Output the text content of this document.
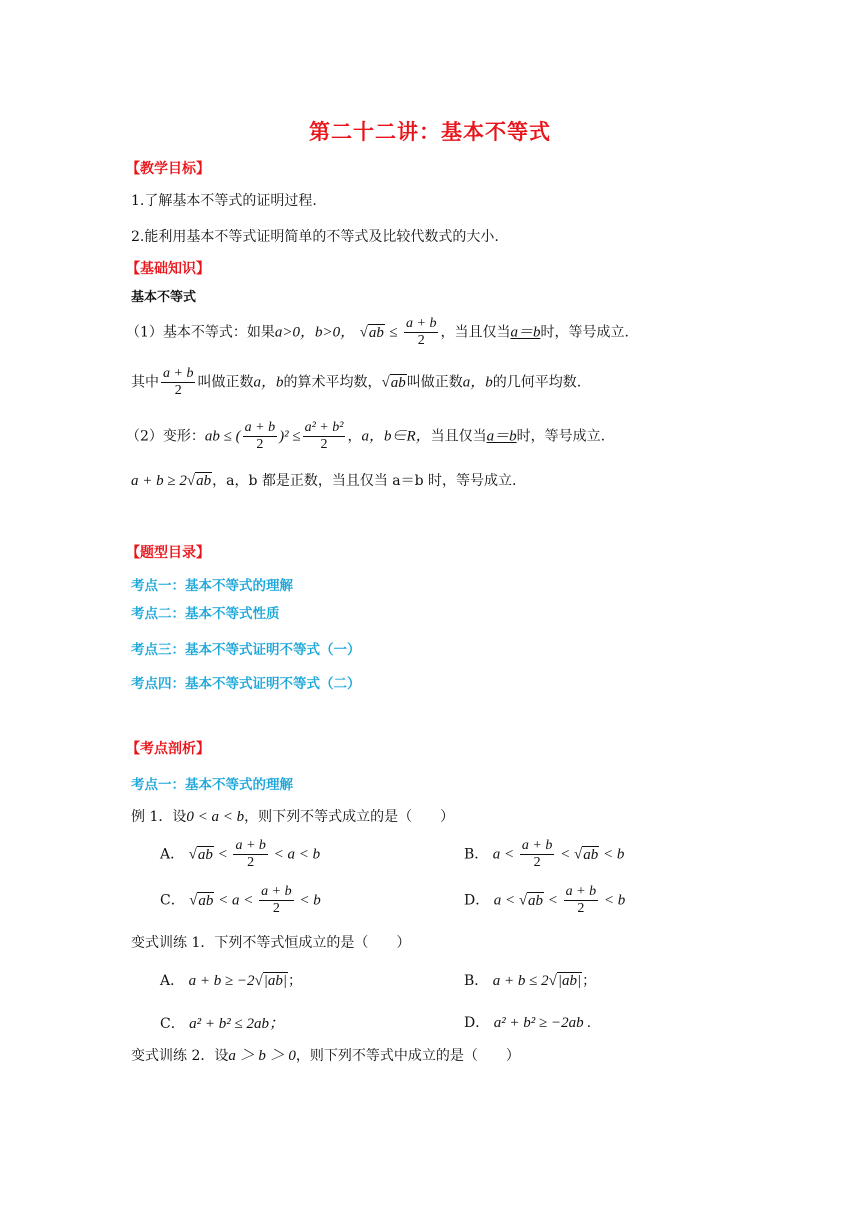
第二十二讲：基本不等式
【教学目标】
1.了解基本不等式的证明过程.
2.能利用基本不等式证明简单的不等式及比较代数式的大小.
【基础知识】
基本不等式
（1）基本不等式：如果a>0，b>0， $√ab \le \frac{a + b}{2}$ ，当且仅当a＝b时，等号成立.
其中 $\frac{a + b}{2}$ 叫做正数a，b的算术平均数，√ab叫做正数a，b的几何平均数.
（2）变形：ab ≤ ( $\frac{a + b}{2} )^2 \le \frac{\text{a² + b²}}{2}$ ，a，b∈R，当且仅当a＝b时，等号成立.
a + b ≥ 2√ab，a，b 都是正数，当且仅当 a＝b 时，等号成立.
【题型目录】
考点一：基本不等式的理解
考点二：基本不等式性质
考点三：基本不等式证明不等式（一）
考点四：基本不等式证明不等式（二）
【考点剖析】
考点一：基本不等式的理解
例 1．设0 < a < b，则下列不等式成立的是（　　）
A． $√ab < \frac{a + b}{2} < a < b$	B． $a < \frac{a + b}{2} < √ab < b$
C． $√ab < a < \frac{a + b}{2} < b$	D． $a < √ab < \frac{a + b}{2} < b$
变式训练 1．下列不等式恒成立的是（　　）
A． a + b ≥ −2√|ab|；	B． a + b ≤ 2√|ab|；
C． a² + b² ≤ 2ab；	D． a² + b² ≥ −2ab .
变式训练 2．设a ＞ b ＞ 0，则下列不等式中成立的是（　　）
